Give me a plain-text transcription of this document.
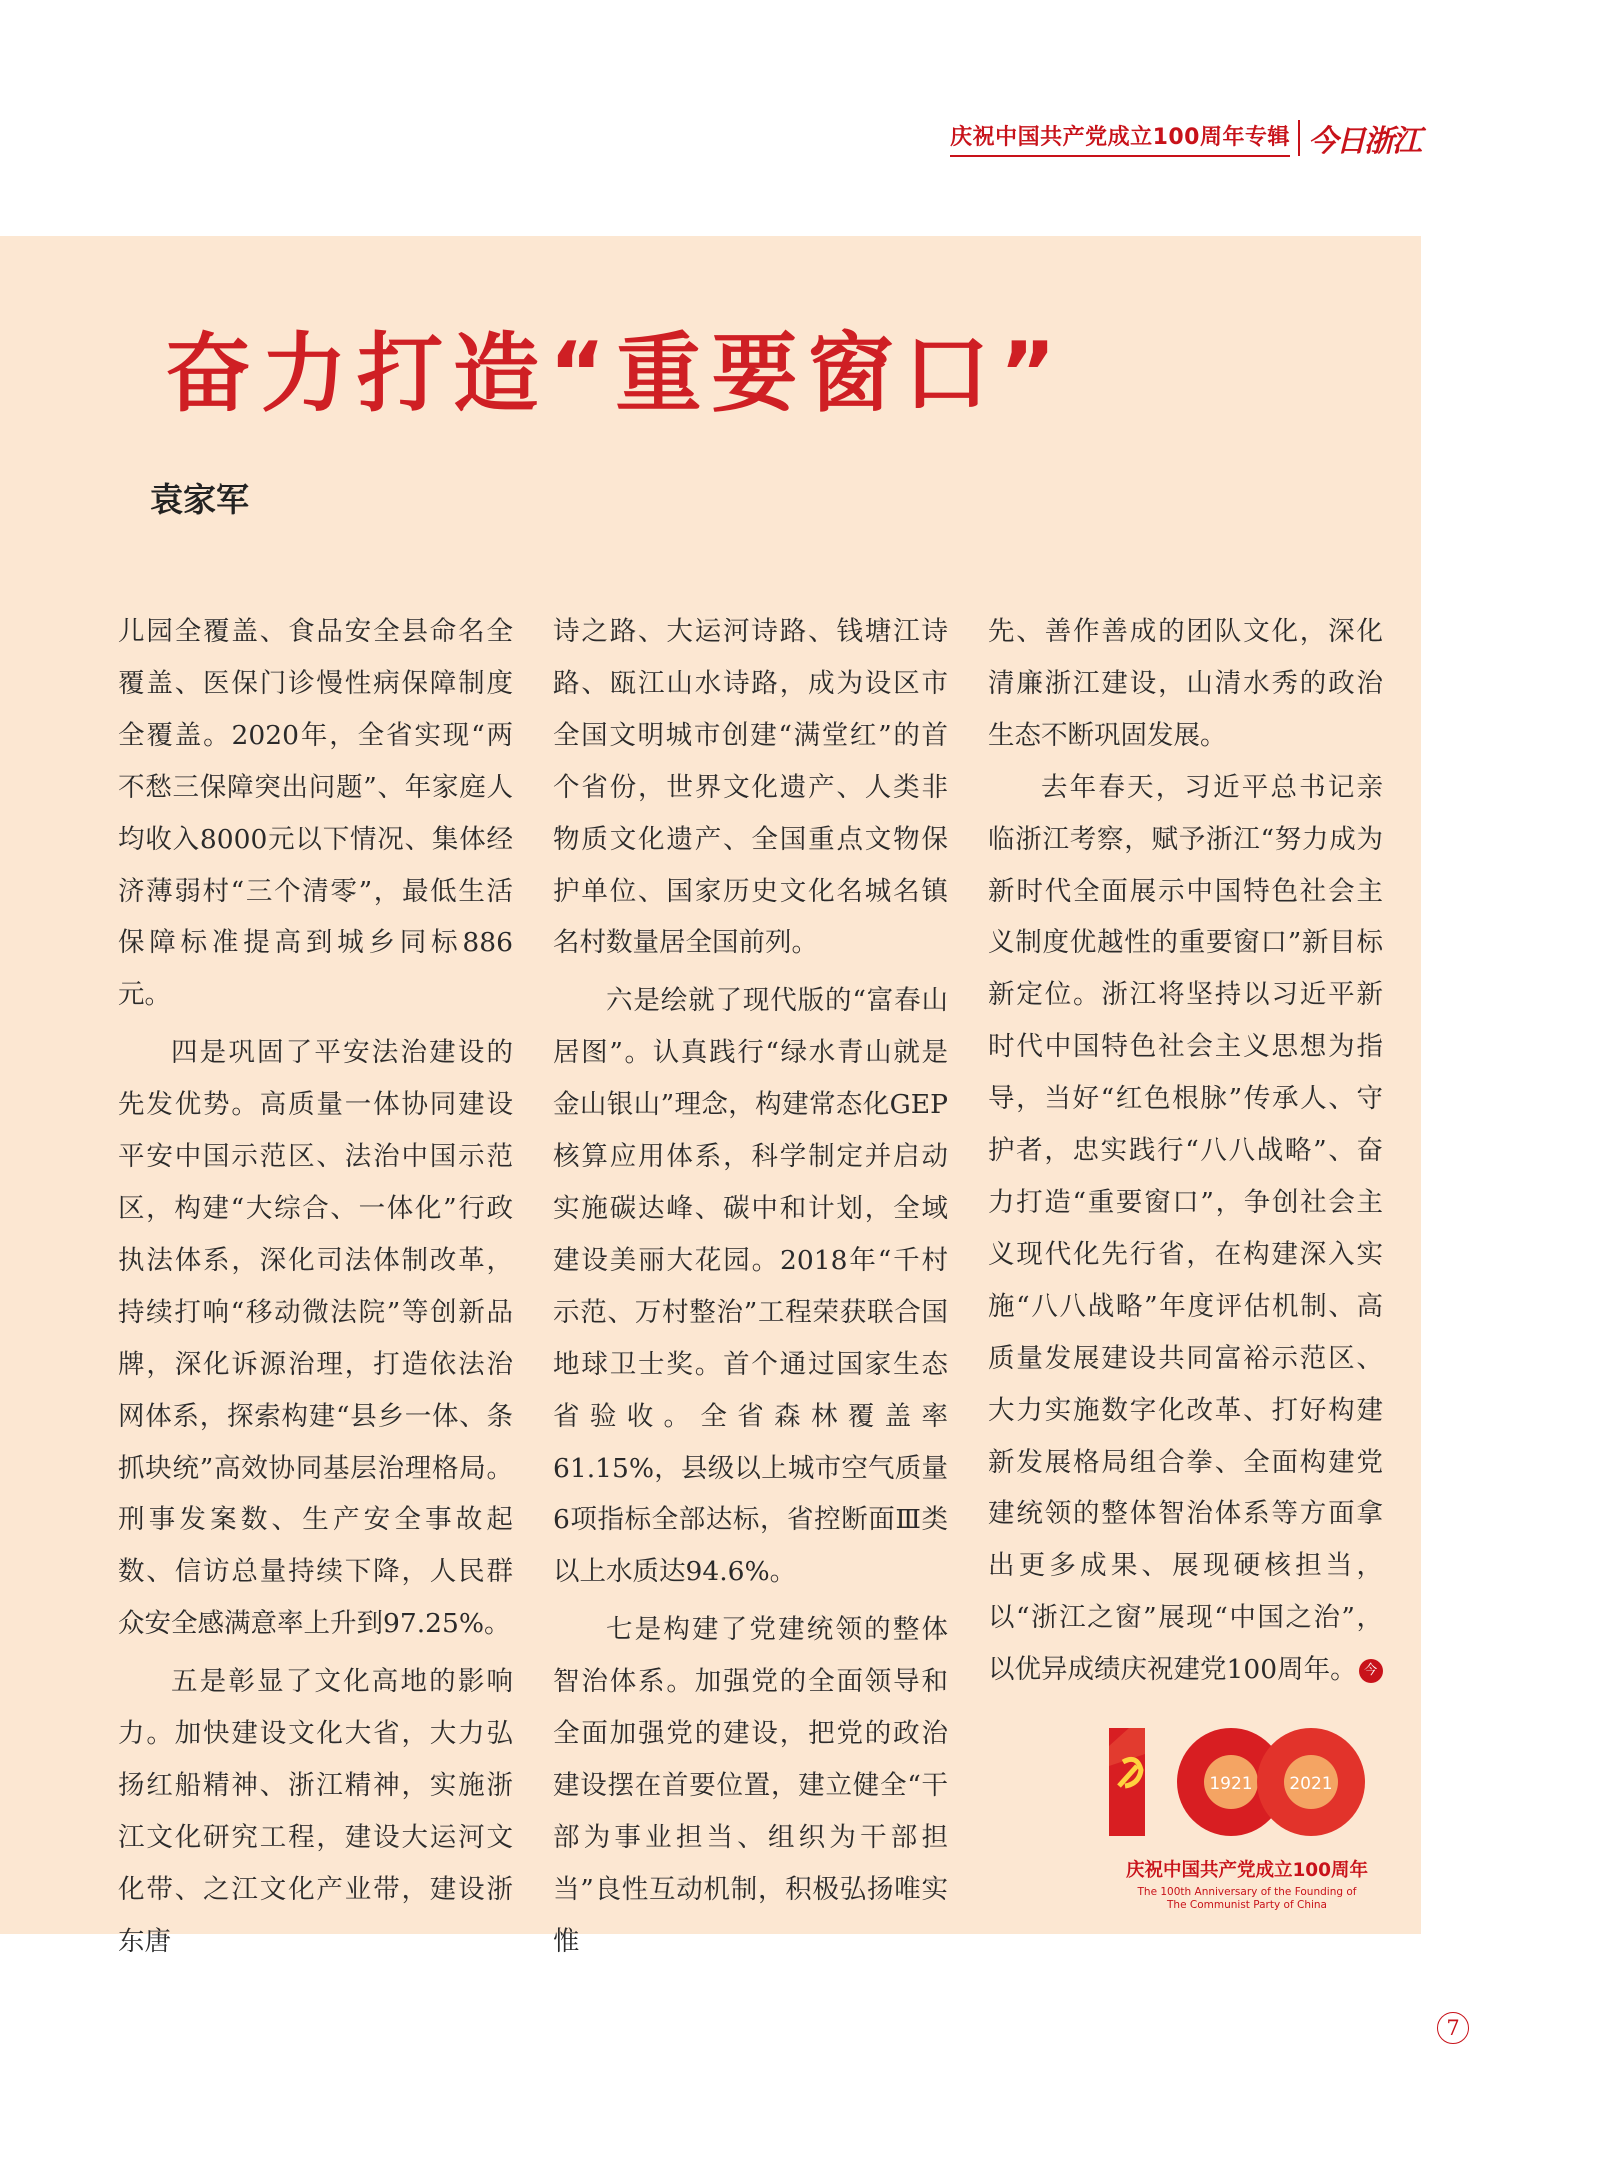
庆祝中国共产党成立100周年专辑 今日浙江
奋力打造“重要窗口”
袁家军

儿园全覆盖、食品安全县命名全覆盖、医保门诊慢性病保障制度全覆盖。2020年，全省实现“两不愁三保障突出问题”、年家庭人均收入8000元以下情况、集体经济薄弱村“三个清零”，最低生活保障标准提高到城乡同标886元。

四是巩固了平安法治建设的先发优势。高质量一体协同建设平安中国示范区、法治中国示范区，构建“大综合、一体化”行政执法体系，深化司法体制改革，持续打响“移动微法院”等创新品牌，深化诉源治理，打造依法治网体系，探索构建“县乡一体、条抓块统”高效协同基层治理格局。刑事发案数、生产安全事故起数、信访总量持续下降，人民群众安全感满意率上升到97.25%。

五是彰显了文化高地的影响力。加快建设文化大省，大力弘扬红船精神、浙江精神，实施浙江文化研究工程，建设大运河文化带、之江文化产业带，建设浙东唐

诗之路、大运河诗路、钱塘江诗路、瓯江山水诗路，成为设区市全国文明城市创建“满堂红”的首个省份，世界文化遗产、人类非物质文化遗产、全国重点文物保护单位、国家历史文化名城名镇名村数量居全国前列。

六是绘就了现代版的“富春山居图”。认真践行“绿水青山就是金山银山”理念，构建常态化GEP核算应用体系，科学制定并启动实施碳达峰、碳中和计划，全域建设美丽大花园。2018年“千村示范、万村整治”工程荣获联合国地球卫士奖。首个通过国家生态省验收。全省森林覆盖率61.15%，县级以上城市空气质量6项指标全部达标，省控断面Ⅲ类以上水质达94.6%。

七是构建了党建统领的整体智治体系。加强党的全面领导和全面加强党的建设，把党的政治建设摆在首要位置，建立健全“干部为事业担当、组织为干部担当”良性互动机制，积极弘扬唯实惟

先、善作善成的团队文化，深化清廉浙江建设，山清水秀的政治生态不断巩固发展。

去年春天，习近平总书记亲临浙江考察，赋予浙江“努力成为新时代全面展示中国特色社会主义制度优越性的重要窗口”新目标新定位。浙江将坚持以习近平新时代中国特色社会主义思想为指导，当好“红色根脉”传承人、守护者，忠实践行“八八战略”、奋力打造“重要窗口”，争创社会主义现代化先行省，在构建深入实施“八八战略”年度评估机制、高质量发展建设共同富裕示范区、大力实施数字化改革、打好构建新发展格局组合拳、全面构建党建统领的整体智治体系等方面拿出更多成果、展现硬核担当，以“浙江之窗”展现“中国之治”，以优异成绩庆祝建党100周年。 今

1921 2021
庆祝中国共产党成立100周年
The 100th Anniversary of the Founding of
The Communist Party of China
7
